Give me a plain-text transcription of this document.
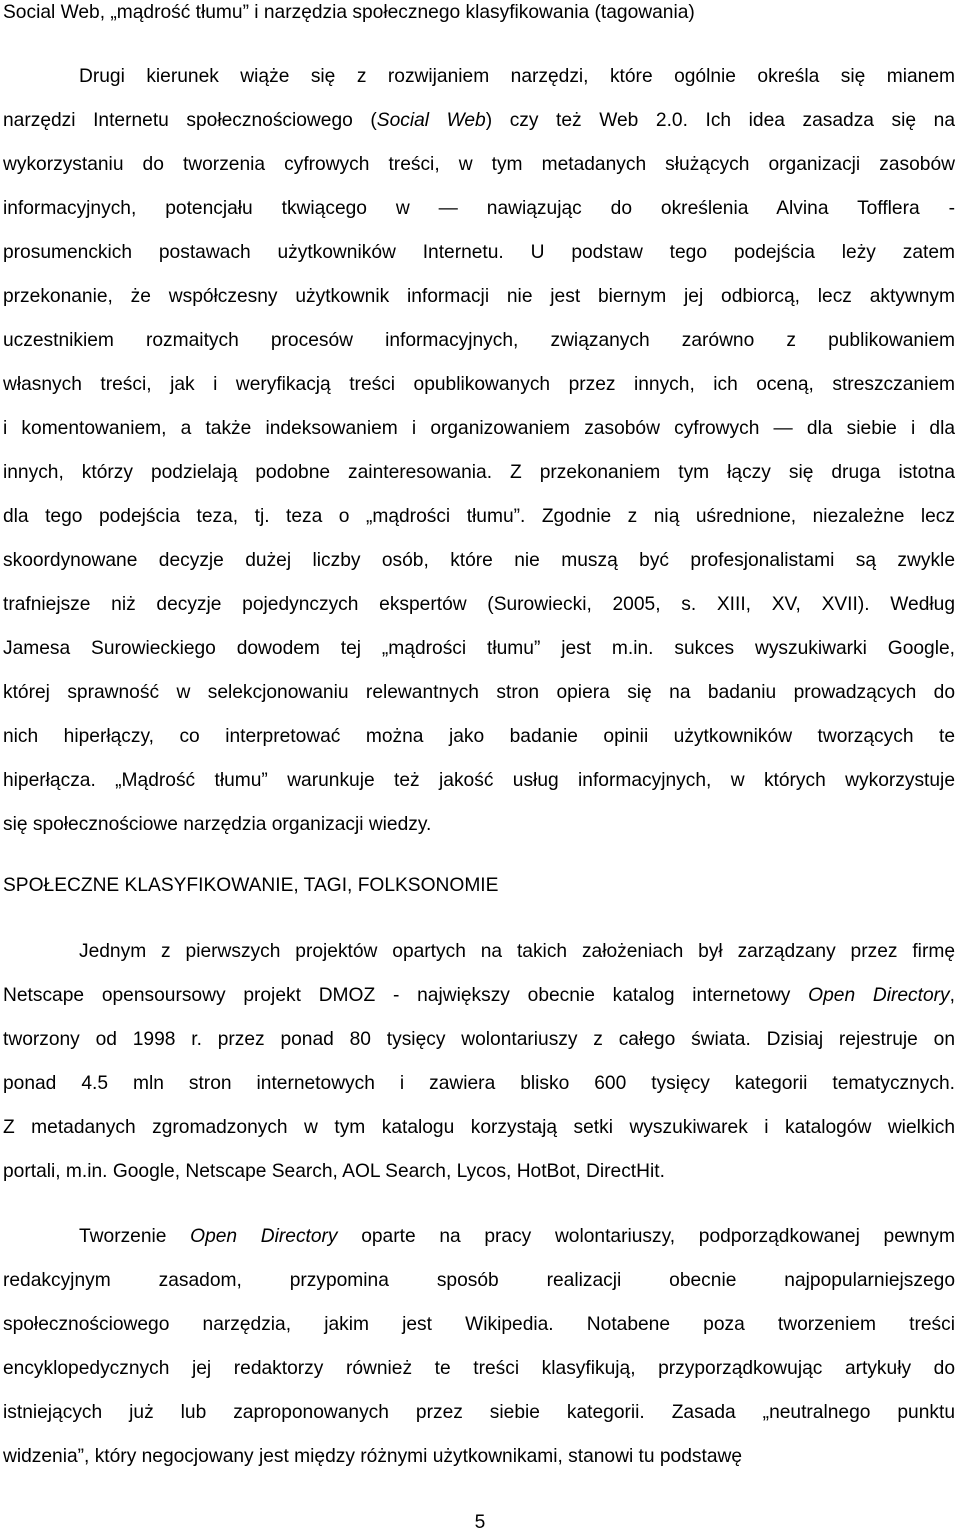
Social Web, „mądrość tłumu” i narzędzia społecznego klasyfikowania (tagowania)
Drugi kierunek wiąże się z rozwijaniem narzędzi, które ogólnie określa się mianem
narzędzi Internetu społecznościowego (Social Web) czy też Web 2.0. Ich idea zasadza się na
wykorzystaniu do tworzenia cyfrowych treści, w tym metadanych służących organizacji zasobów
informacyjnych, potencjału tkwiącego w — nawiązując do określenia Alvina Tofflera -
prosumenckich postawach użytkowników Internetu. U podstaw tego podejścia leży zatem
przekonanie, że współczesny użytkownik informacji nie jest biernym jej odbiorcą, lecz aktywnym
uczestnikiem rozmaitych procesów informacyjnych, związanych zarówno z publikowaniem
własnych treści, jak i weryfikacją treści opublikowanych przez innych, ich oceną, streszczaniem
i komentowaniem, a także indeksowaniem i organizowaniem zasobów cyfrowych — dla siebie i dla
innych, którzy podzielają podobne zainteresowania. Z przekonaniem tym łączy się druga istotna
dla tego podejścia teza, tj. teza o „mądrości tłumu”. Zgodnie z nią uśrednione, niezależne lecz
skoordynowane decyzje dużej liczby osób, które nie muszą być profesjonalistami są zwykle
trafniejsze niż decyzje pojedynczych ekspertów (Surowiecki, 2005, s. XIII, XV, XVII). Według
Jamesa Surowieckiego dowodem tej „mądrości tłumu” jest m.in. sukces wyszukiwarki Google,
której sprawność w selekcjonowaniu relewantnych stron opiera się na badaniu prowadzących do
nich hiperłączy, co interpretować można jako badanie opinii użytkowników tworzących te
hiperłącza. „Mądrość tłumu” warunkuje też jakość usług informacyjnych, w których wykorzystuje
się społecznościowe narzędzia organizacji wiedzy.
SPOŁECZNE KLASYFIKOWANIE, TAGI, FOLKSONOMIE
Jednym z pierwszych projektów opartych na takich założeniach był zarządzany przez firmę
Netscape opensoursowy projekt DMOZ - największy obecnie katalog internetowy Open Directory,
tworzony od 1998 r. przez ponad 80 tysięcy wolontariuszy z całego świata. Dzisiaj rejestruje on
ponad 4.5 mln stron internetowych i zawiera blisko 600 tysięcy kategorii tematycznych.
Z metadanych zgromadzonych w tym katalogu korzystają setki wyszukiwarek i katalogów wielkich
portali, m.in. Google, Netscape Search, AOL Search, Lycos, HotBot, DirectHit.
Tworzenie Open Directory oparte na pracy wolontariuszy, podporządkowanej pewnym
redakcyjnym zasadom, przypomina sposób realizacji obecnie najpopularniejszego
społecznościowego narzędzia, jakim jest Wikipedia. Notabene poza tworzeniem treści
encyklopedycznych jej redaktorzy również te treści klasyfikują, przyporządkowując artykuły do
istniejących już lub zaproponowanych przez siebie kategorii. Zasada „neutralnego punktu
widzenia”, który negocjowany jest między różnymi użytkownikami, stanowi tu podstawę
5
